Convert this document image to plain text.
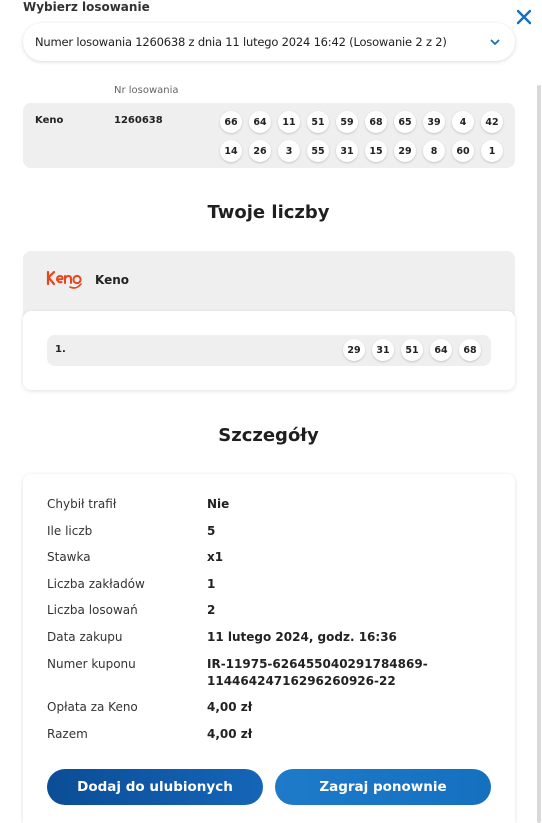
Wybierz losowanie
Numer losowania 1260638 z dnia 11 lutego 2024 16:42 (Losowanie 2 z 2)
Nr losowania
Keno	1260638	66	64	11	51	59	68	65	39	4	42
14	26	3	55	31	15	29	8	60	1
Twoje liczby
Keno
1.	29	31	51	64	68
Szczegóły
Chybił trafił	Nie
Ile liczb	5
Stawka	x1
Liczba zakładów	1
Liczba losowań	2
Data zakupu	11 lutego 2024, godz. 16:36
Numer kuponu	IR-11975-626455040291784869-
11446424716296260926-22
Opłata za Keno	4,00 zł
Razem	4,00 zł
Dodaj do ulubionych	Zagraj ponownie
